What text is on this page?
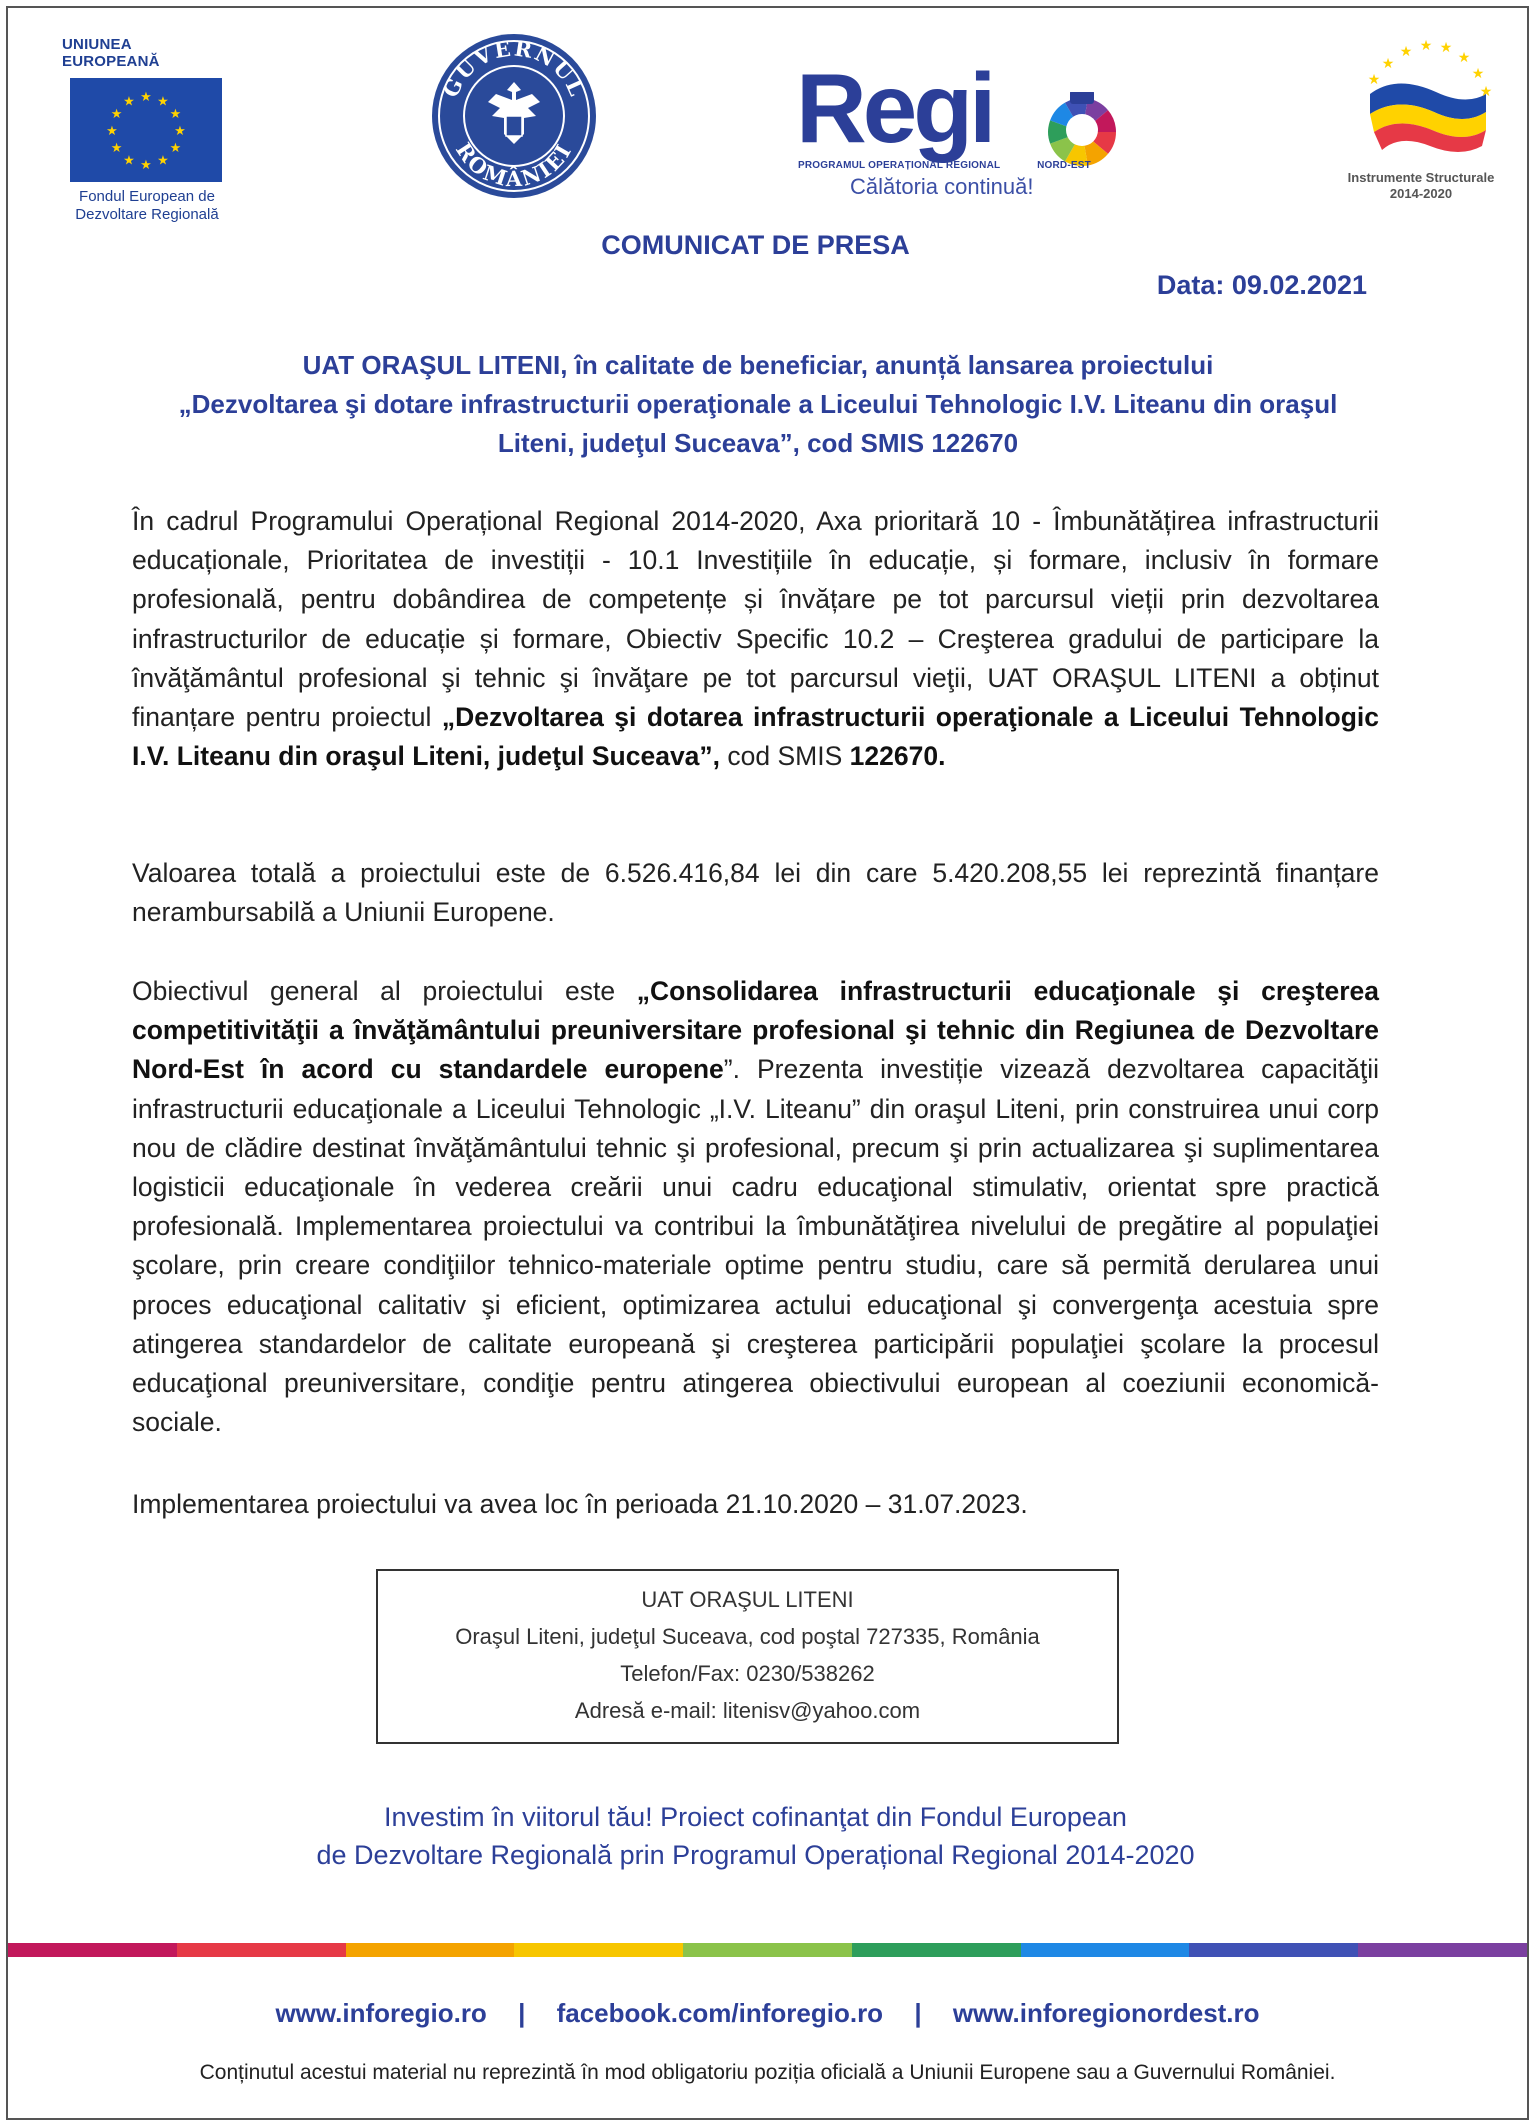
UNIUNEA EUROPEANĂ
★ ★
★
★
★
★
★
★
★
★
★
★
Fondul European de
Dezvoltare Regională
GUVERNUL
ROMÂNIEI Regi
PROGRAMUL OPERAȚIONAL REGIONAL	NORD-EST
Călătoria continuă!
★
★ ★ ★
★
★
★
★
Instrumente Structurale
2014-2020
COMUNICAT DE PRESA
Data: 09.02.2021
UAT ORAŞUL LITENI, în calitate de beneficiar, anunță lansarea proiectului
„Dezvoltarea şi dotare infrastructurii operaţionale a Liceului Tehnologic I.V. Liteanu din oraşul
Liteni, judeţul Suceava”, cod SMIS 122670
În cadrul Programului Operațional Regional 2014-2020, Axa prioritară 10 - Îmbunătățirea infrastructurii educaționale, Prioritatea de investiții - 10.1 Investițiile în educație, și formare, inclusiv în formare profesională, pentru dobândirea de competențe și învățare pe tot parcursul vieții prin dezvoltarea infrastructurilor de educație și formare, Obiectiv Specific 10.2 – Creşterea gradului de participare la învăţământul profesional şi tehnic şi învăţare pe tot parcursul vieţii, UAT ORAŞUL LITENI a obținut finanțare pentru proiectul „Dezvoltarea şi dotarea infrastructurii operaţionale a Liceului Tehnologic I.V. Liteanu din oraşul Liteni, judeţul Suceava”, cod SMIS 122670.
Valoarea totală a proiectului este de 6.526.416,84 lei din care 5.420.208,55 lei reprezintă finanțare nerambursabilă a Uniunii Europene.
Obiectivul general al proiectului este „Consolidarea infrastructurii educaţionale şi creşterea competitivităţii a învăţământului preuniversitare profesional şi tehnic din Regiunea de Dezvoltare Nord-Est în acord cu standardele europene”. Prezenta investiție vizează dezvoltarea capacităţii infrastructurii educaţionale a Liceului Tehnologic „I.V. Liteanu” din oraşul Liteni, prin construirea unui corp nou de clădire destinat învăţământului tehnic şi profesional, precum şi prin actualizarea şi suplimentarea logisticii educaţionale în vederea creării unui cadru educaţional stimulativ, orientat spre practică profesională. Implementarea proiectului va contribui la îmbunătăţirea nivelului de pregătire al populaţiei şcolare, prin creare condiţiilor tehnico-materiale optime pentru studiu, care să permită derularea unui proces educaţional calitativ şi eficient, optimizarea actului educaţional şi convergenţa acestuia spre atingerea standardelor de calitate europeană şi creşterea participării populaţiei şcolare la procesul educaţional preuniversitare, condiţie pentru atingerea obiectivului european al coeziunii economică-sociale.
Implementarea proiectului va avea loc în perioada 21.10.2020 – 31.07.2023.
UAT ORAŞUL LITENI
Oraşul Liteni, judeţul Suceava, cod poştal 727335, România
Telefon/Fax: 0230/538262
Adresă e-mail: litenisv@yahoo.com
Investim în viitorul tău! Proiect cofinanţat din Fondul European
de Dezvoltare Regională prin Programul Operațional Regional 2014-2020
www.inforegio.ro | facebook.com/inforegio.ro | www.inforegionordest.ro
Conținutul acestui material nu reprezintă în mod obligatoriu poziția oficială a Uniunii Europene sau a Guvernului României.
